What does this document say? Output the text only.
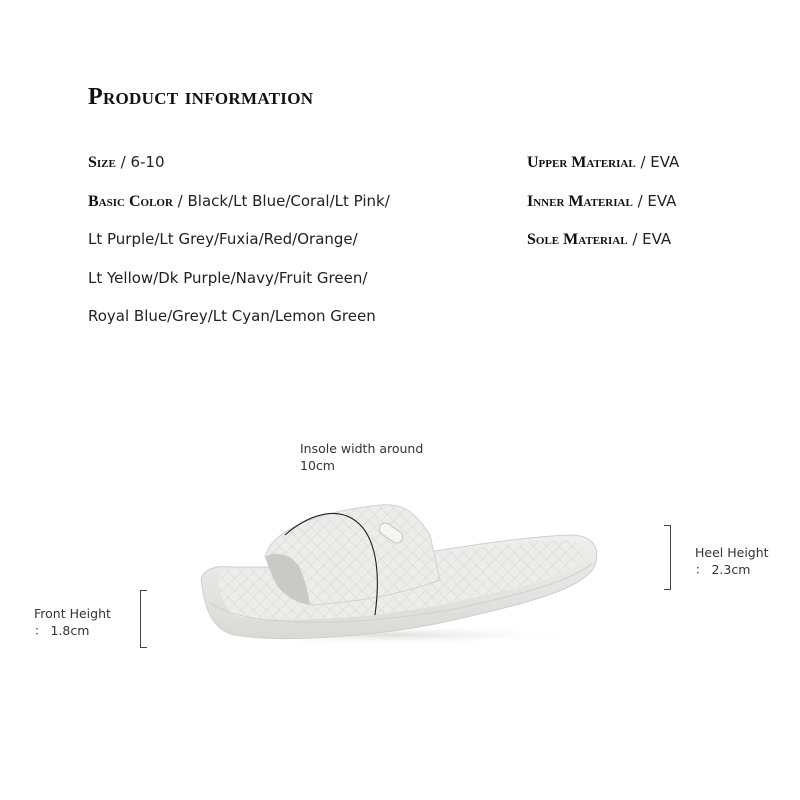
Product information
Size / 6-10
Basic Color / Black/Lt Blue/Coral/Lt Pink/
Lt Purple/Lt Grey/Fuxia/Red/Orange/
Lt Yellow/Dk Purple/Navy/Fruit Green/
Royal Blue/Grey/Lt Cyan/Lemon Green
Upper Material / EVA
Inner Material / EVA
Sole Material / EVA
Insole width around
10cm
Front Height
： 1.8cm
Heel Height
： 2.3cm
